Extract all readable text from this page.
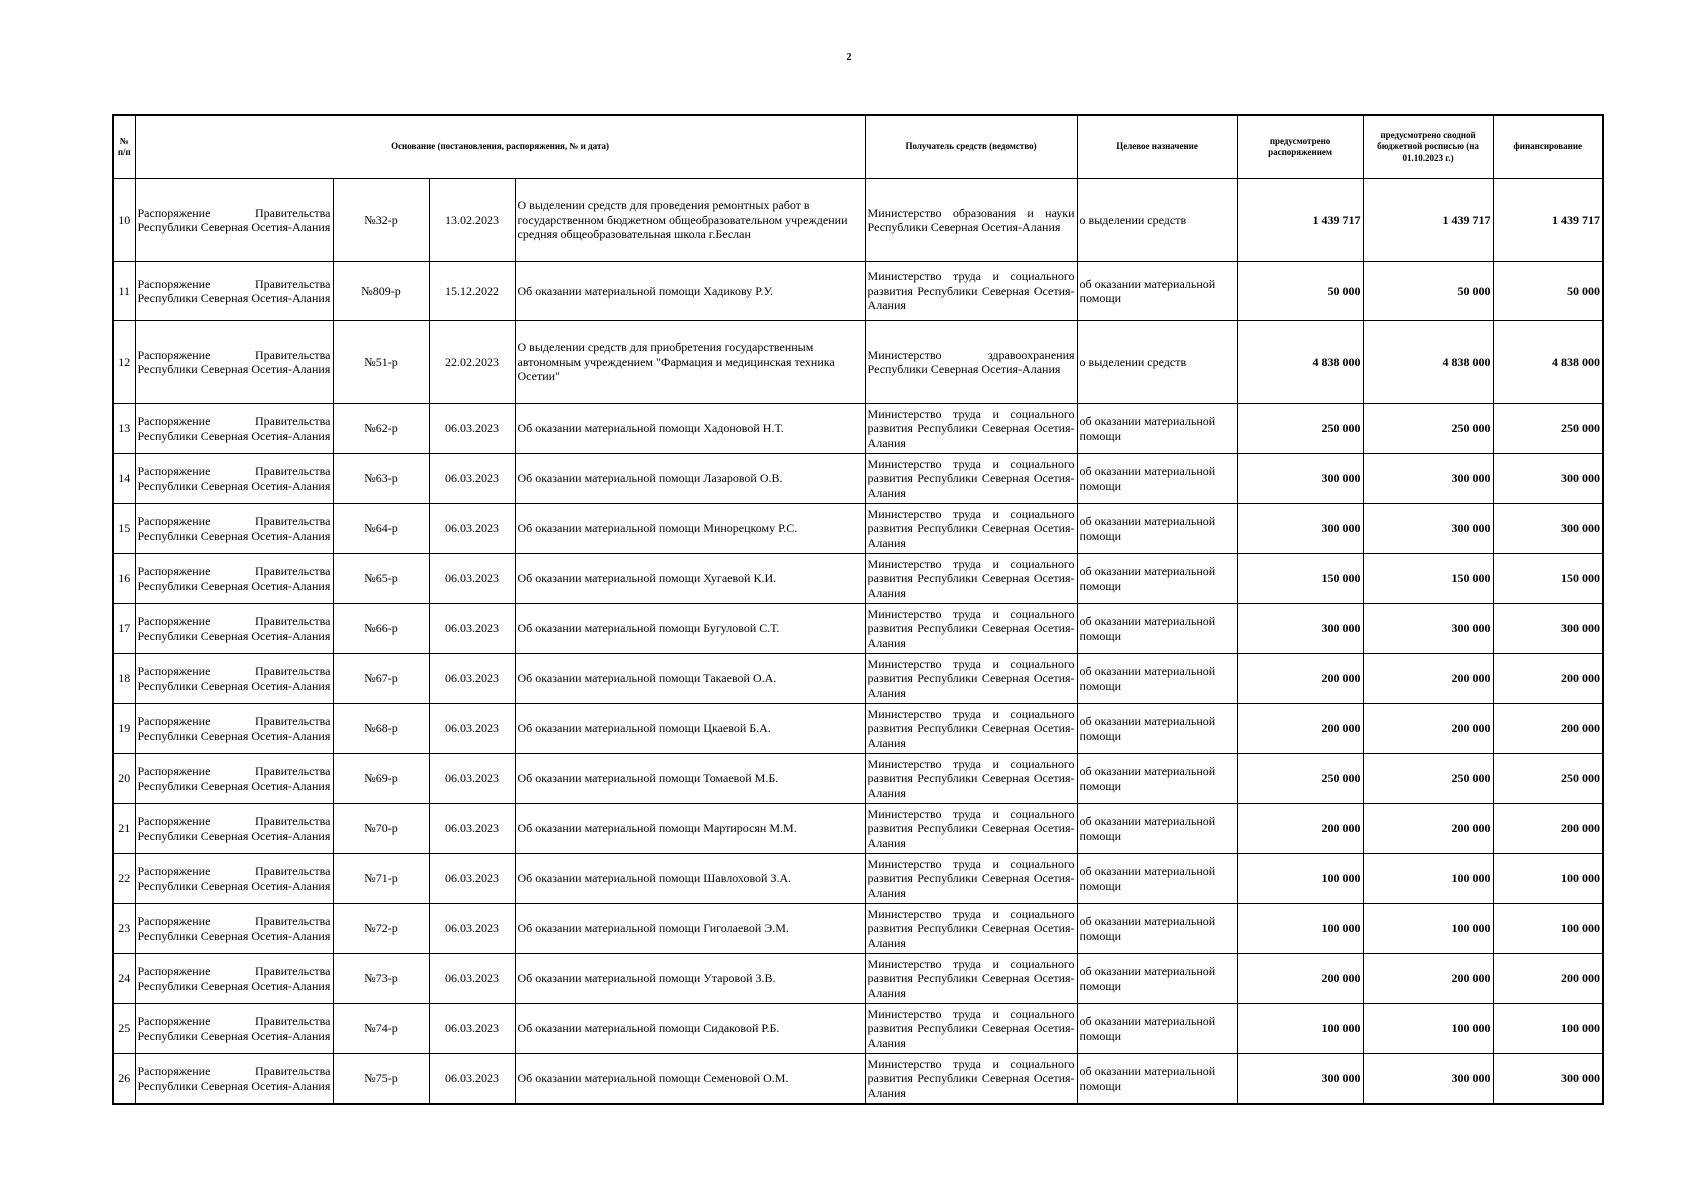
2
№ п/п	Основание (постановления, распоряжения, № и дата)				Получатель средств (ведомство)	Целевое назначение	предусмотрено распоряжением	предусмотрено сводной бюджетной росписью (на 01.10.2023 г.)	финансирование
10	Распоряжение Правительства Республики Северная Осетия-Алания	№32-р	13.02.2023	О выделении средств для проведения ремонтных работ в государственном бюджетном общеобразовательном учреждении средняя общеобразовательная школа г.Беслан	Министерство образования и науки Республики Северная Осетия-Алания	о выделении средств	1 439 717	1 439 717	1 439 717
11	Распоряжение Правительства Республики Северная Осетия-Алания	№809-р	15.12.2022	Об оказании материальной помощи Хадикову Р.У.	Министерство труда и социального развития Республики Северная Осетия-Алания	об оказании материальной помощи	50 000	50 000	50 000
12	Распоряжение Правительства Республики Северная Осетия-Алания	№51-р	22.02.2023	О выделении средств для приобретения государственным автономным учреждением "Фармация и медицинская техника Осетии"	Министерство здравоохранения Республики Северная Осетия-Алания	о выделении средств	4 838 000	4 838 000	4 838 000
13	Распоряжение Правительства Республики Северная Осетия-Алания	№62-р	06.03.2023	Об оказании материальной помощи Хадоновой Н.Т.	Министерство труда и социального развития Республики Северная Осетия-Алания	об оказании материальной помощи	250 000	250 000	250 000
14	Распоряжение Правительства Республики Северная Осетия-Алания	№63-р	06.03.2023	Об оказании материальной помощи Лазаровой О.В.	Министерство труда и социального развития Республики Северная Осетия-Алания	об оказании материальной помощи	300 000	300 000	300 000
15	Распоряжение Правительства Республики Северная Осетия-Алания	№64-р	06.03.2023	Об оказании материальной помощи Минорецкому Р.С.	Министерство труда и социального развития Республики Северная Осетия-Алания	об оказании материальной помощи	300 000	300 000	300 000
16	Распоряжение Правительства Республики Северная Осетия-Алания	№65-р	06.03.2023	Об оказании материальной помощи Хугаевой К.И.	Министерство труда и социального развития Республики Северная Осетия-Алания	об оказании материальной помощи	150 000	150 000	150 000
17	Распоряжение Правительства Республики Северная Осетия-Алания	№66-р	06.03.2023	Об оказании материальной помощи Бугуловой С.Т.	Министерство труда и социального развития Республики Северная Осетия-Алания	об оказании материальной помощи	300 000	300 000	300 000
18	Распоряжение Правительства Республики Северная Осетия-Алания	№67-р	06.03.2023	Об оказании материальной помощи Такаевой О.А.	Министерство труда и социального развития Республики Северная Осетия-Алания	об оказании материальной помощи	200 000	200 000	200 000
19	Распоряжение Правительства Республики Северная Осетия-Алания	№68-р	06.03.2023	Об оказании материальной помощи Цкаевой Б.А.	Министерство труда и социального развития Республики Северная Осетия-Алания	об оказании материальной помощи	200 000	200 000	200 000
20	Распоряжение Правительства Республики Северная Осетия-Алания	№69-р	06.03.2023	Об оказании материальной помощи Томаевой М.Б.	Министерство труда и социального развития Республики Северная Осетия-Алания	об оказании материальной помощи	250 000	250 000	250 000
21	Распоряжение Правительства Республики Северная Осетия-Алания	№70-р	06.03.2023	Об оказании материальной помощи Мартиросян М.М.	Министерство труда и социального развития Республики Северная Осетия-Алания	об оказании материальной помощи	200 000	200 000	200 000
22	Распоряжение Правительства Республики Северная Осетия-Алания	№71-р	06.03.2023	Об оказании материальной помощи Шавлоховой З.А.	Министерство труда и социального развития Республики Северная Осетия-Алания	об оказании материальной помощи	100 000	100 000	100 000
23	Распоряжение Правительства Республики Северная Осетия-Алания	№72-р	06.03.2023	Об оказании материальной помощи Гиголаевой Э.М.	Министерство труда и социального развития Республики Северная Осетия-Алания	об оказании материальной помощи	100 000	100 000	100 000
24	Распоряжение Правительства Республики Северная Осетия-Алания	№73-р	06.03.2023	Об оказании материальной помощи Утаровой З.В.	Министерство труда и социального развития Республики Северная Осетия-Алания	об оказании материальной помощи	200 000	200 000	200 000
25	Распоряжение Правительства Республики Северная Осетия-Алания	№74-р	06.03.2023	Об оказании материальной помощи Сидаковой Р.Б.	Министерство труда и социального развития Республики Северная Осетия-Алания	об оказании материальной помощи	100 000	100 000	100 000
26	Распоряжение Правительства Республики Северная Осетия-Алания	№75-р	06.03.2023	Об оказании материальной помощи Семеновой О.М.	Министерство труда и социального развития Республики Северная Осетия-Алания	об оказании материальной помощи	300 000	300 000	300 000
